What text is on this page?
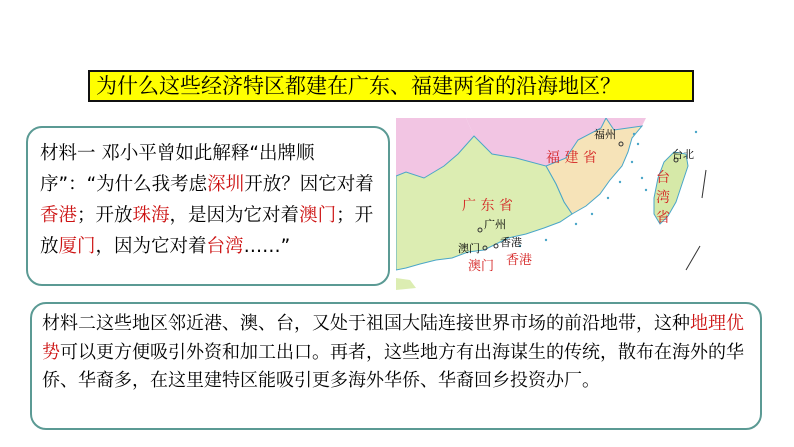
为什么这些经济特区都建在广东、福建两省的沿海地区？
材料一 邓小平曾如此解释“出牌顺序”：“为什么我考虑深圳开放？因它对着香港；开放珠海，是因为它对着澳门；开放厦门，因为它对着台湾……”
福州
福 建 省	台北
台
湾
省
广 东 省
广州
澳门 香港
澳门 香港
材料二这些地区邻近港、澳、台，又处于祖国大陆连接世界市场的前沿地带，这种地理优势可以更方便吸引外资和加工出口。再者，这些地方有出海谋生的传统，散布在海外的华侨、华裔多，在这里建特区能吸引更多海外华侨、华裔回乡投资办厂。
